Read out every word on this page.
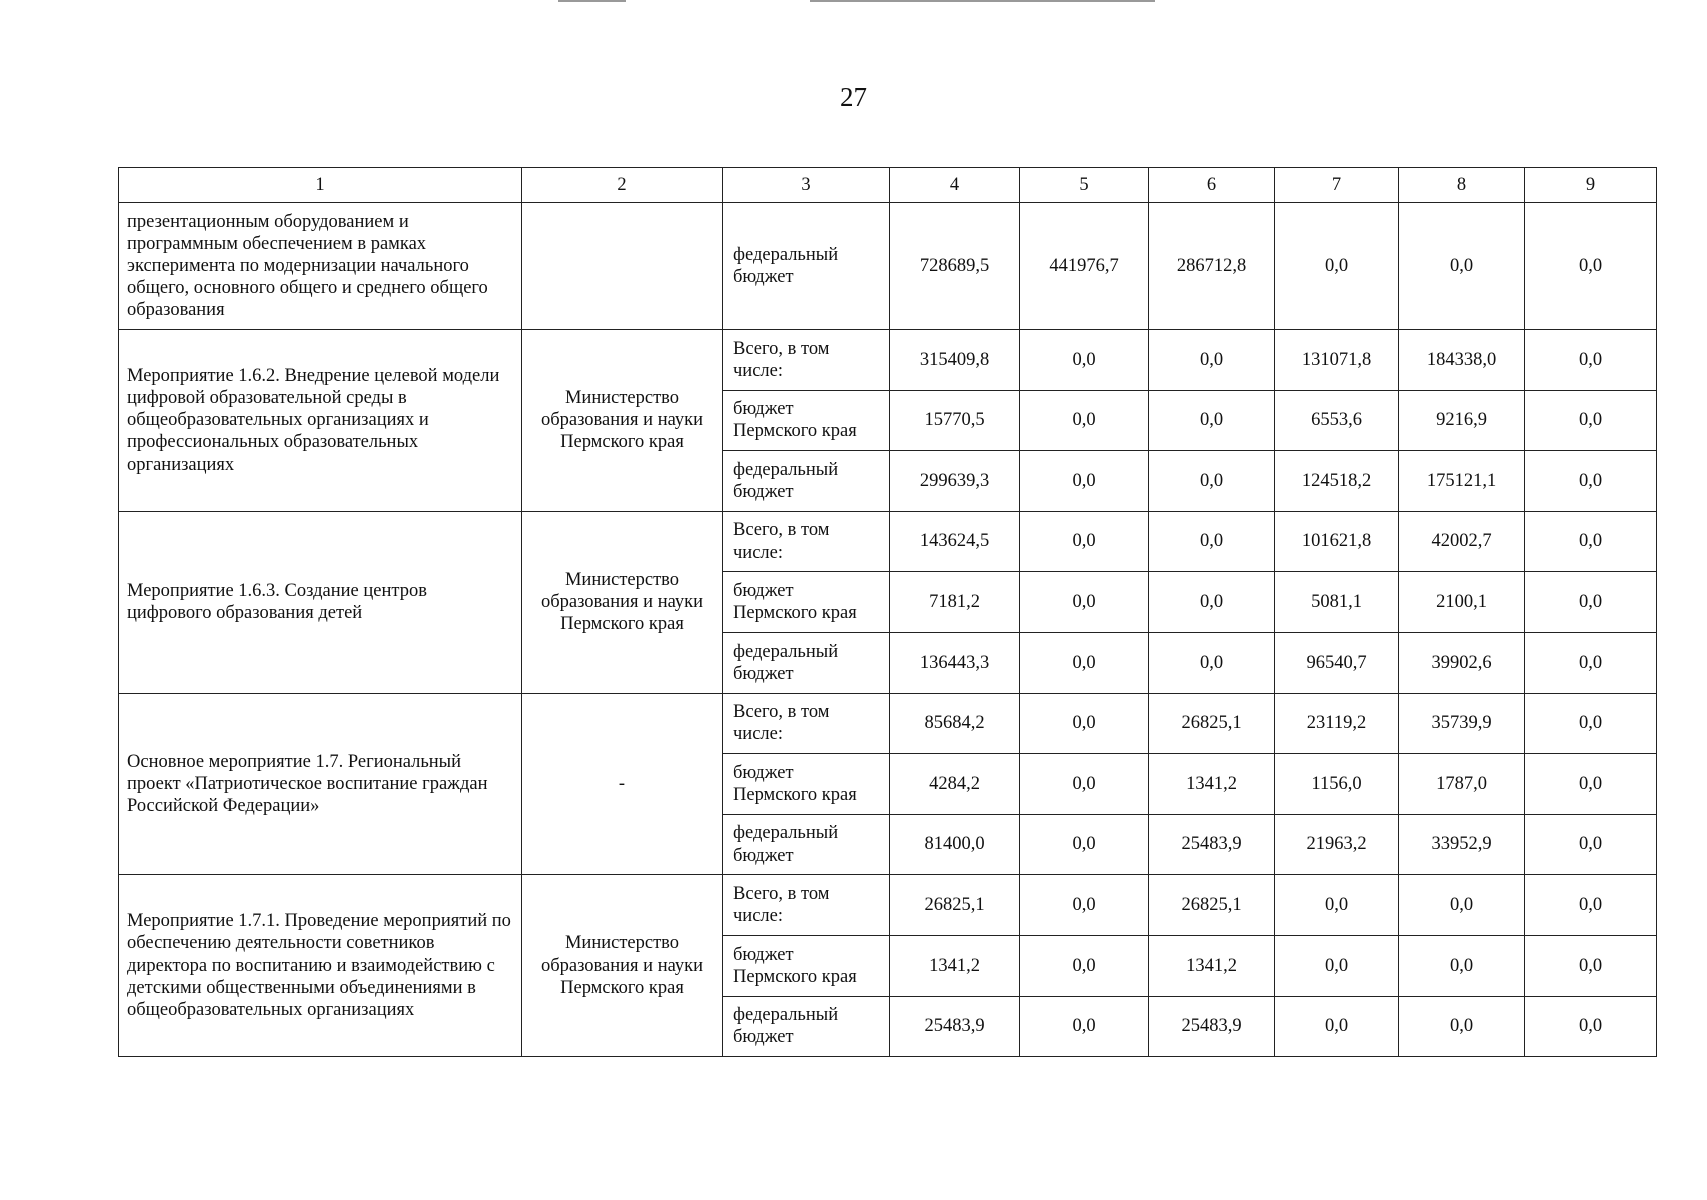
27
1	2	3	4	5	6	7	8	9
презентационным оборудованием и программным обеспечением в рамках эксперимента по модернизации начального общего, основного общего и среднего общего образования		федеральный бюджет	728689,5	441976,7	286712,8	0,0	0,0	0,0
Мероприятие 1.6.2. Внедрение целевой модели цифровой образовательной среды в общеобразовательных организациях и профессиональных образовательных организациях	Министерство образования и науки Пермского края	Всего, в том числе:	315409,8	0,0	0,0	131071,8	184338,0	0,0
		бюджет Пермского края	15770,5	0,0	0,0	6553,6	9216,9	0,0
		федеральный бюджет	299639,3	0,0	0,0	124518,2	175121,1	0,0
Мероприятие 1.6.3. Создание центров цифрового образования детей	Министерство образования и науки Пермского края	Всего, в том числе:	143624,5	0,0	0,0	101621,8	42002,7	0,0
		бюджет Пермского края	7181,2	0,0	0,0	5081,1	2100,1	0,0
		федеральный бюджет	136443,3	0,0	0,0	96540,7	39902,6	0,0
Основное мероприятие 1.7. Региональный проект «Патриотическое воспитание граждан Российской Федерации»	-	Всего, в том числе:	85684,2	0,0	26825,1	23119,2	35739,9	0,0
		бюджет Пермского края	4284,2	0,0	1341,2	1156,0	1787,0	0,0
		федеральный бюджет	81400,0	0,0	25483,9	21963,2	33952,9	0,0
Мероприятие 1.7.1. Проведение мероприятий по обеспечению деятельности советников директора по воспитанию и взаимодействию с детскими общественными объединениями в общеобразовательных организациях	Министерство образования и науки Пермского края	Всего, в том числе:	26825,1	0,0	26825,1	0,0	0,0	0,0
		бюджет Пермского края	1341,2	0,0	1341,2	0,0	0,0	0,0
		федеральный бюджет	25483,9	0,0	25483,9	0,0	0,0	0,0
